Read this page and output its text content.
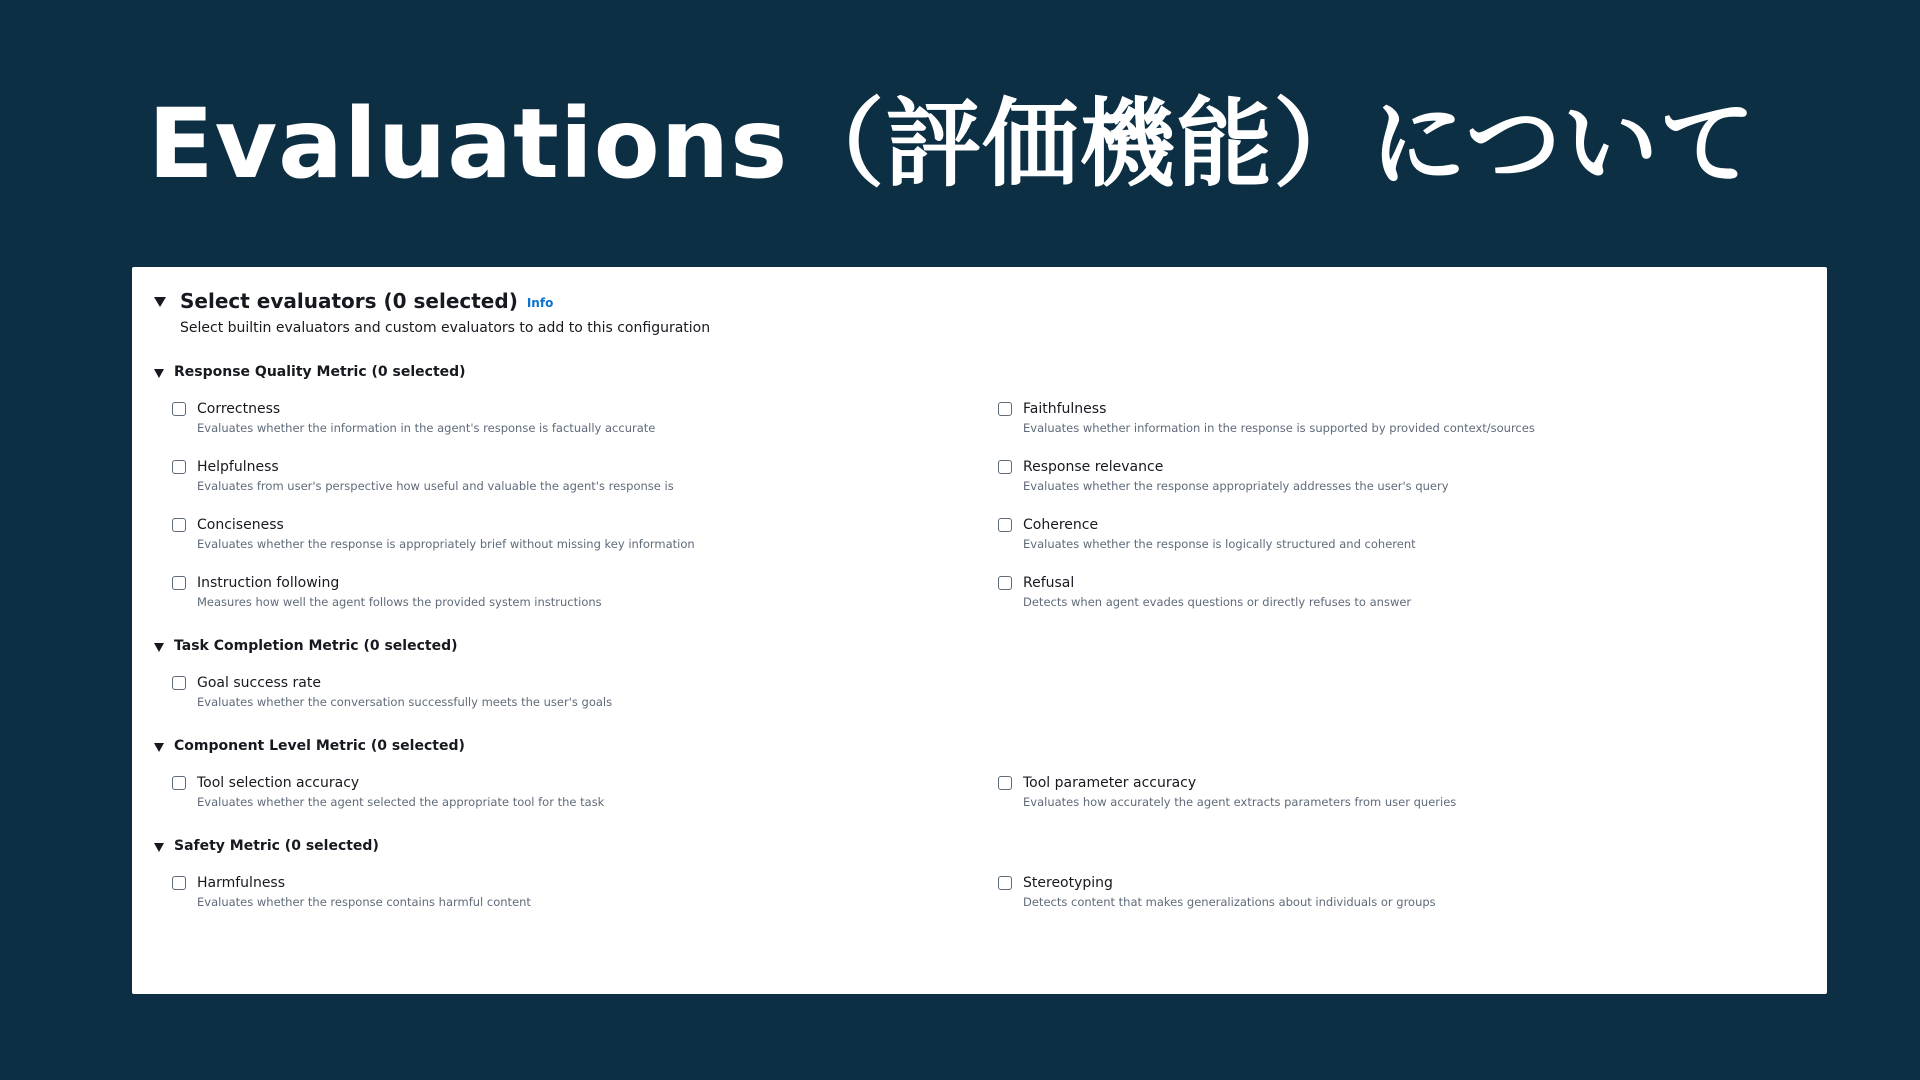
Evaluations（評価機能）について
Select evaluators (0 selected) Info
Select builtin evaluators and custom evaluators to add to this configuration
Response Quality Metric (0 selected)
Correctness
Evaluates whether the information in the agent's response is factually accurate
Faithfulness
Evaluates whether information in the response is supported by provided context/sources
Helpfulness
Evaluates from user's perspective how useful and valuable the agent's response is
Response relevance
Evaluates whether the response appropriately addresses the user's query
Conciseness
Evaluates whether the response is appropriately brief without missing key information
Coherence
Evaluates whether the response is logically structured and coherent
Instruction following
Measures how well the agent follows the provided system instructions
Refusal
Detects when agent evades questions or directly refuses to answer
Task Completion Metric (0 selected)
Goal success rate
Evaluates whether the conversation successfully meets the user's goals
Component Level Metric (0 selected)
Tool selection accuracy
Evaluates whether the agent selected the appropriate tool for the task
Tool parameter accuracy
Evaluates how accurately the agent extracts parameters from user queries
Safety Metric (0 selected)
Harmfulness
Evaluates whether the response contains harmful content
Stereotyping
Detects content that makes generalizations about individuals or groups
